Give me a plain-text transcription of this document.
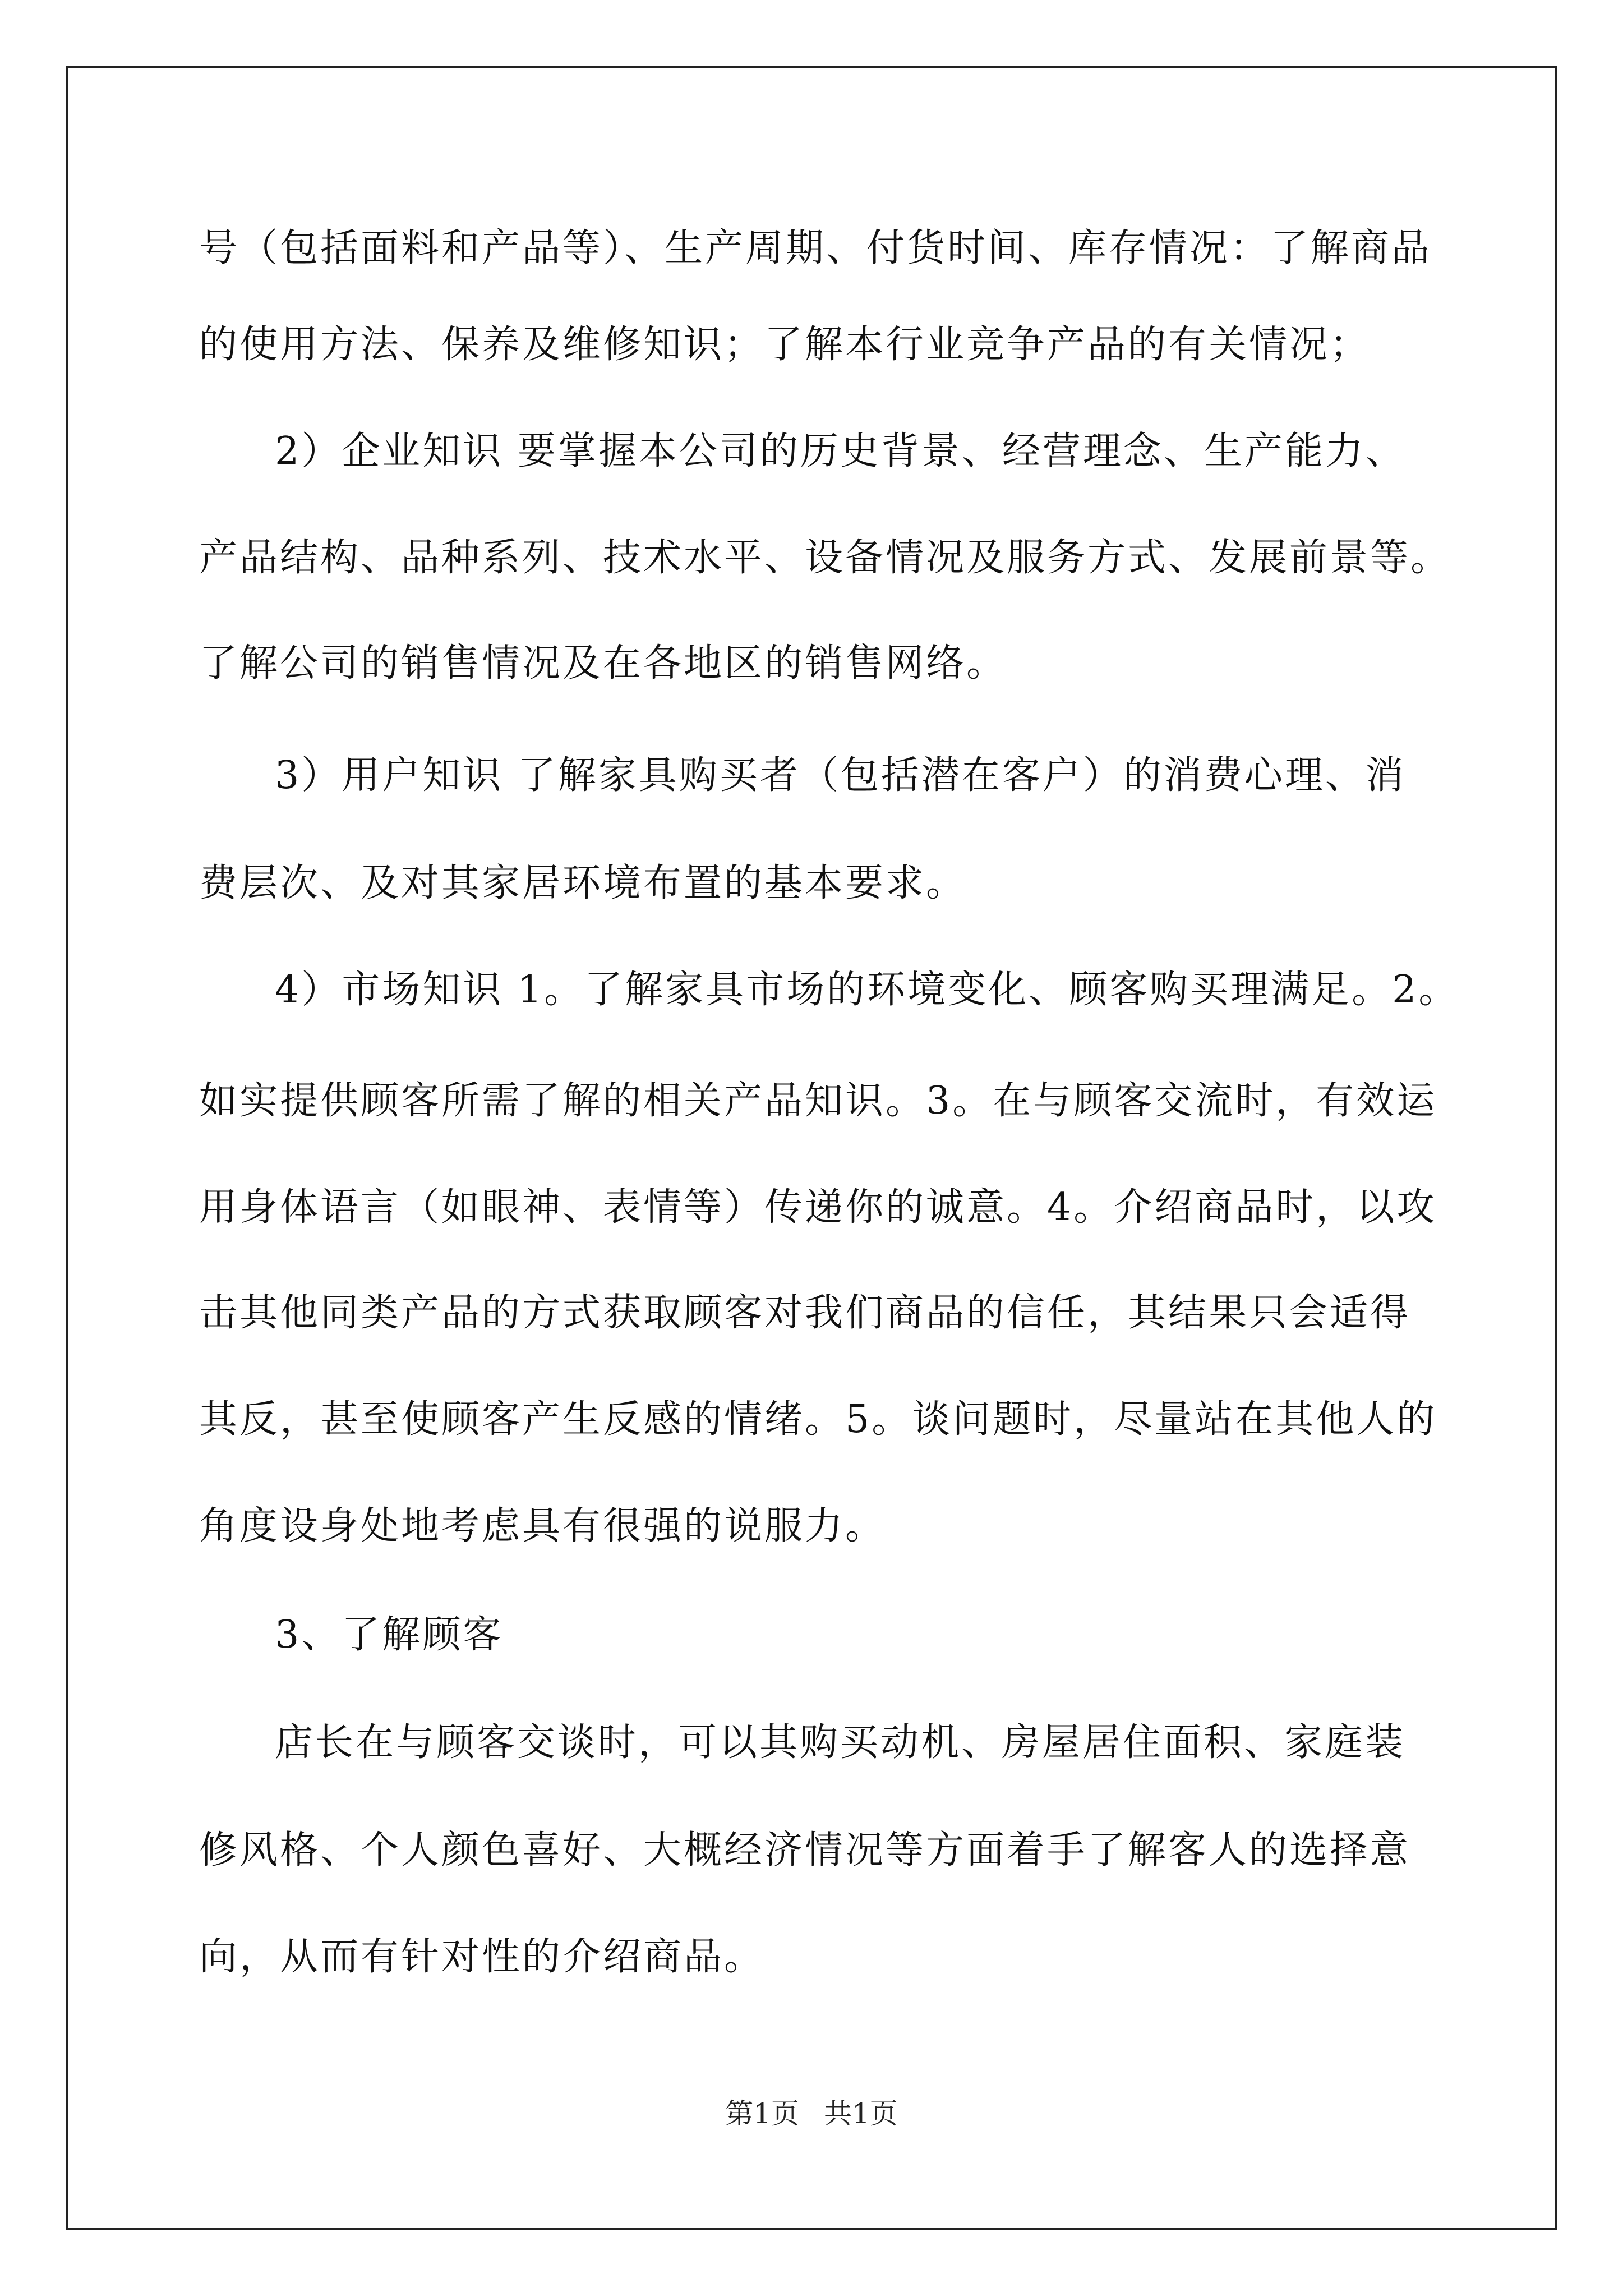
号（包括面料和产品等）、生产周期、付货时间、库存情况：了解商品
的使用方法、保养及维修知识；了解本行业竞争产品的有关情况；
2）企业知识 要掌握本公司的历史背景、经营理念、生产能力、
产品结构、品种系列、技术水平、设备情况及服务方式、发展前景等。
了解公司的销售情况及在各地区的销售网络。
3）用户知识 了解家具购买者（包括潜在客户）的消费心理、消
费层次、及对其家居环境布置的基本要求。
4）市场知识 1。了解家具市场的环境变化、顾客购买理满足。2。
如实提供顾客所需了解的相关产品知识。3。在与顾客交流时，有效运
用身体语言（如眼神、表情等）传递你的诚意。4。介绍商品时，以攻
击其他同类产品的方式获取顾客对我们商品的信任，其结果只会适得
其反，甚至使顾客产生反感的情绪。5。谈问题时，尽量站在其他人的
角度设身处地考虑具有很强的说服力。
3、了解顾客
店长在与顾客交谈时，可以其购买动机、房屋居住面积、家庭装
修风格、个人颜色喜好、大概经济情况等方面着手了解客人的选择意
向，从而有针对性的介绍商品。
第1页 共1页
